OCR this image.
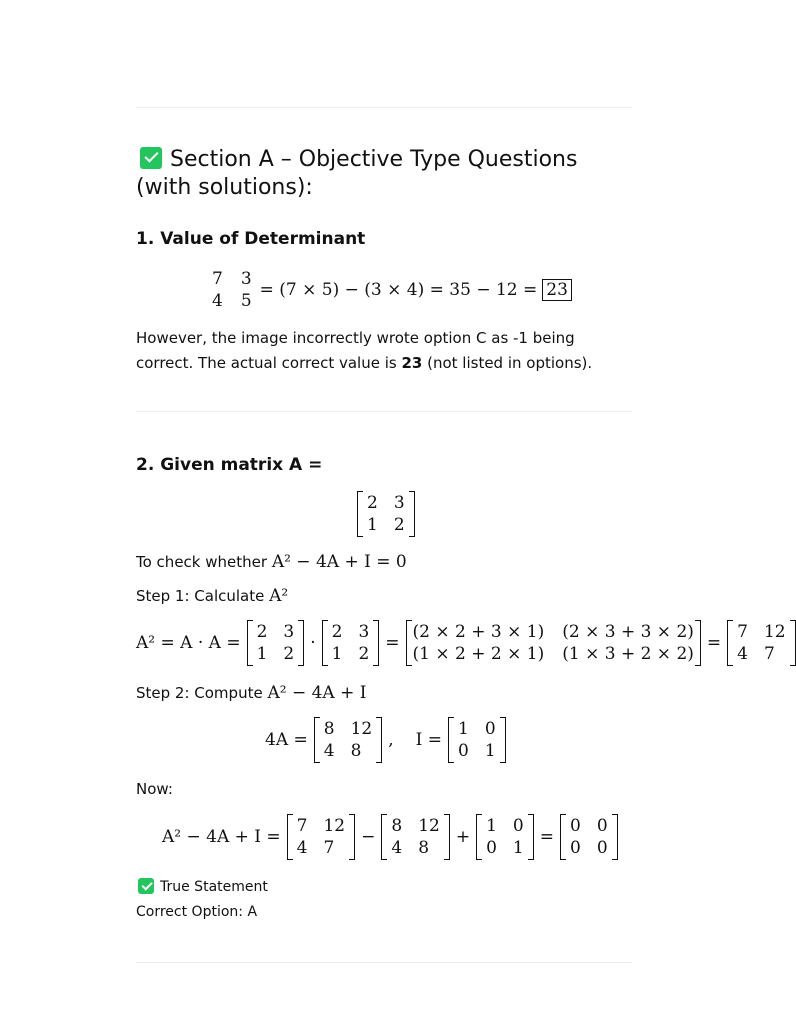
Section A – Objective Type Questions (with solutions):
1. Value of Determinant
7 3
4 5
= (7 × 5) − (3 × 4) = 35 − 12 = 23

However, the image incorrectly wrote option C as -1 being correct. The actual correct value is 23 (not listed in options).

2. Given matrix A =
2 3
1 2
To check whether A² − 4A + I = 0
Step 1: Calculate A²
A² = A · A =
2 3
1 2
·
2 3
1 2
=
(2 × 2 + 3 × 1) (2 × 3 + 3 × 2)
(1 × 2 + 2 × 1) (1 × 3 + 2 × 2)
=
7 12
4 7
Step 2: Compute A² − 4A + I
4A =
8 12
4 8
, I =
1 0
0 1
Now:
A² − 4A + I =
7 12
4 7
−
8 12
4 8
+
1 0
0 1
=
0 0
0 0
True Statement
Correct Option: A
